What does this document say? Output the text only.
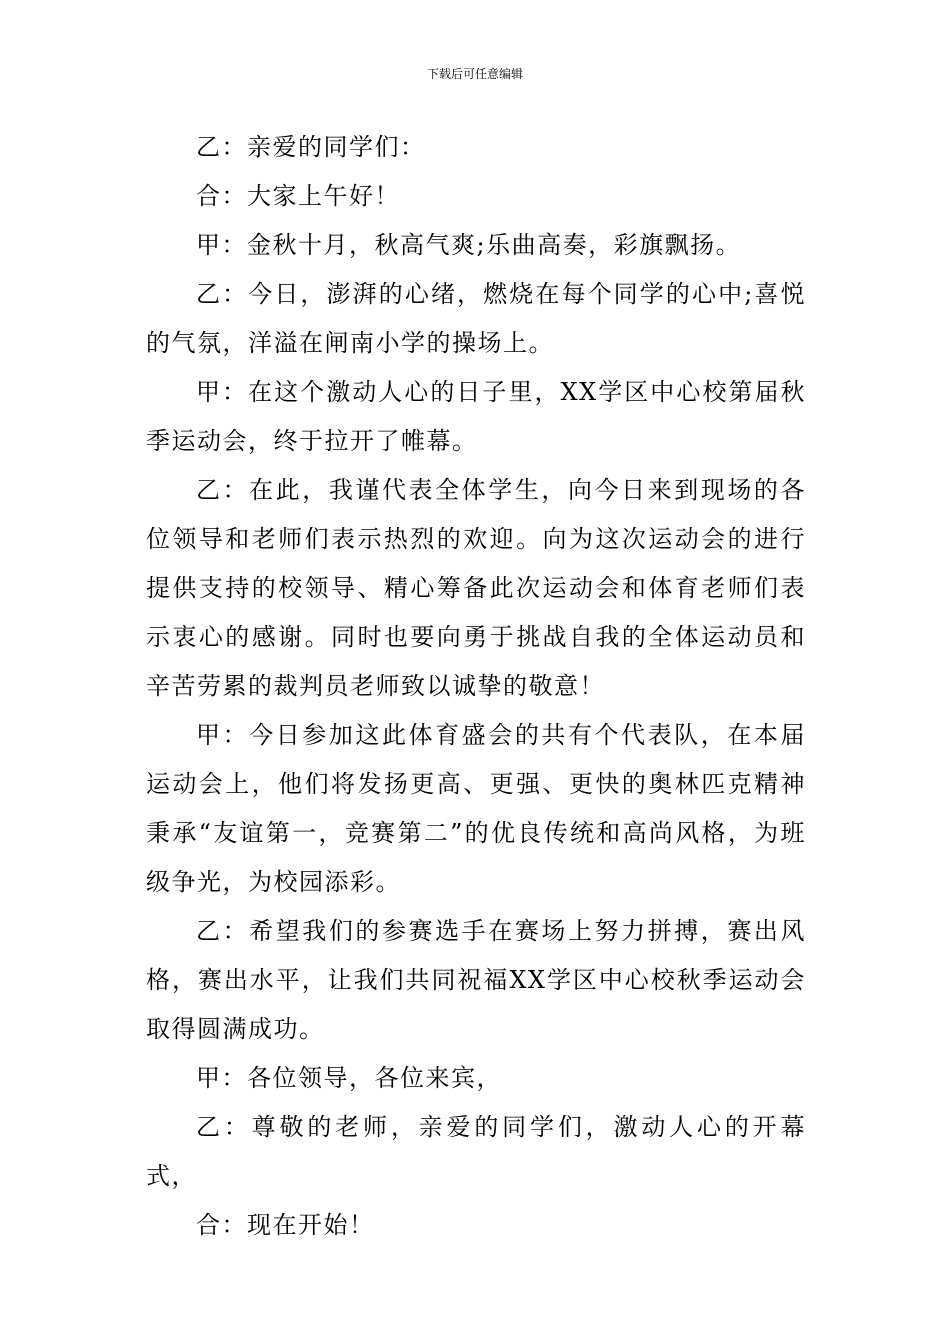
下载后可任意编辑

乙：亲爱的同学们：

合：大家上午好！

甲：金秋十月，秋高气爽;乐曲高奏，彩旗飘扬。

乙：今日，澎湃的心绪，燃烧在每个同学的心中;喜悦的气氛，洋溢在闸南小学的操场上。

甲：在这个激动人心的日子里，XX学区中心校第届秋季运动会，终于拉开了帷幕。

乙：在此，我谨代表全体学生，向今日来到现场的各位领导和老师们表示热烈的欢迎。向为这次运动会的进行提供支持的校领导、精心筹备此次运动会和体育老师们表示衷心的感谢。同时也要向勇于挑战自我的全体运动员和辛苦劳累的裁判员老师致以诚挚的敬意！

甲：今日参加这此体育盛会的共有个代表队，在本届运动会上，他们将发扬更高、更强、更快的奥林匹克精神秉承“友谊第一，竞赛第二”的优良传统和高尚风格，为班级争光，为校园添彩。

乙：希望我们的参赛选手在赛场上努力拼搏，赛出风格，赛出水平，让我们共同祝福XX学区中心校秋季运动会取得圆满成功。

甲：各位领导，各位来宾，

乙：尊敬的老师，亲爱的同学们，激动人心的开幕式，

合：现在开始！
